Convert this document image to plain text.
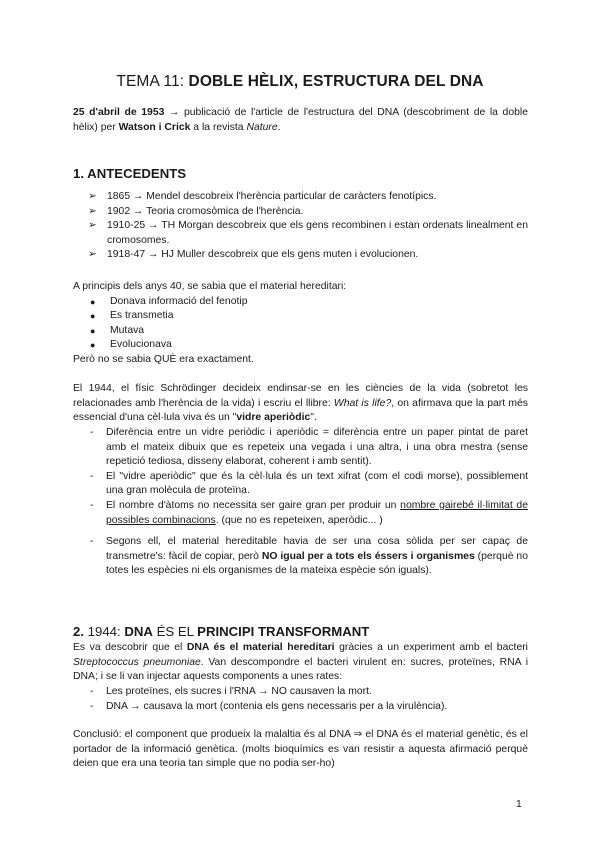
TEMA 11: DOBLE HÈLIX, ESTRUCTURA DEL DNA
25 d'abril de 1953 → publicació de l'article de l'estructura del DNA (descobriment de la doble hèlix) per Watson i Crick a la revista Nature.
1. ANTECEDENTS
➢ 1865 → Mendel descobreix l'herència particular de caràcters fenotípics.
➢ 1902 → Teoria cromosòmica de l'herència.
➢ 1910-25 → TH Morgan descobreix que els gens recombinen i estan ordenats linealment en cromosomes.
➢ 1918-47 → HJ Muller descobreix que els gens muten i evolucionen.
A principis dels anys 40, se sabia que el material hereditari:
● Donava informació del fenotip
● Es transmetia
● Mutava
● Evolucionava
Però no se sabia QUÈ era exactament.
El 1944, el físic Schrödinger decideix endinsar-se en les ciències de la vida (sobretot les relacionades amb l'herència de la vida) i escriu el llibre: What is life?, on afirmava que la part més essencial d'una cèl·lula viva és un "vidre aperiòdic".
- Diferència entre un vidre periòdic i aperiòdic = diferència entre un paper pintat de paret amb el mateix dibuix que es repeteix una vegada i una altra, i una obra mestra (sense repetició tediosa, disseny elaborat, coherent i amb sentit).
- El "vidre aperiòdic" que és la cèl·lula és un text xifrat (com el codi morse), possiblement una gran molècula de proteïna.
- El nombre d'àtoms no necessita ser gaire gran per produir un nombre gairebé il·limitat de possibles combinacions. (que no es repeteixen, aperòdic... )
- Segons ell, el material hereditable havia de ser una cosa sòlida per ser capaç de transmetre's: fàcil de copiar, però NO igual per a tots els éssers i organismes (perquè no totes les espècies ni els organismes de la mateixa espècie són iguals).
2. 1944: DNA ÉS EL PRINCIPI TRANSFORMANT
Es va descobrir que el DNA és el material hereditari gràcies a un experiment amb el bacteri Streptococcus pneumoniae. Van descompondre el bacteri virulent en: sucres, proteïnes, RNA i DNA; i se li van injectar aquests components a unes rates:
- Les proteïnes, els sucres i l'RNA → NO causaven la mort.
- DNA → causava la mort (contenia els gens necessaris per a la virulència).
Conclusió: el component que produeix la malaltia és al DNA ⇒ el DNA és el material genètic, és el portador de la informació genètica. (molts bioquímics es van resistir a aquesta afirmació perquè deien que era una teoria tan simple que no podia ser-ho)
1
